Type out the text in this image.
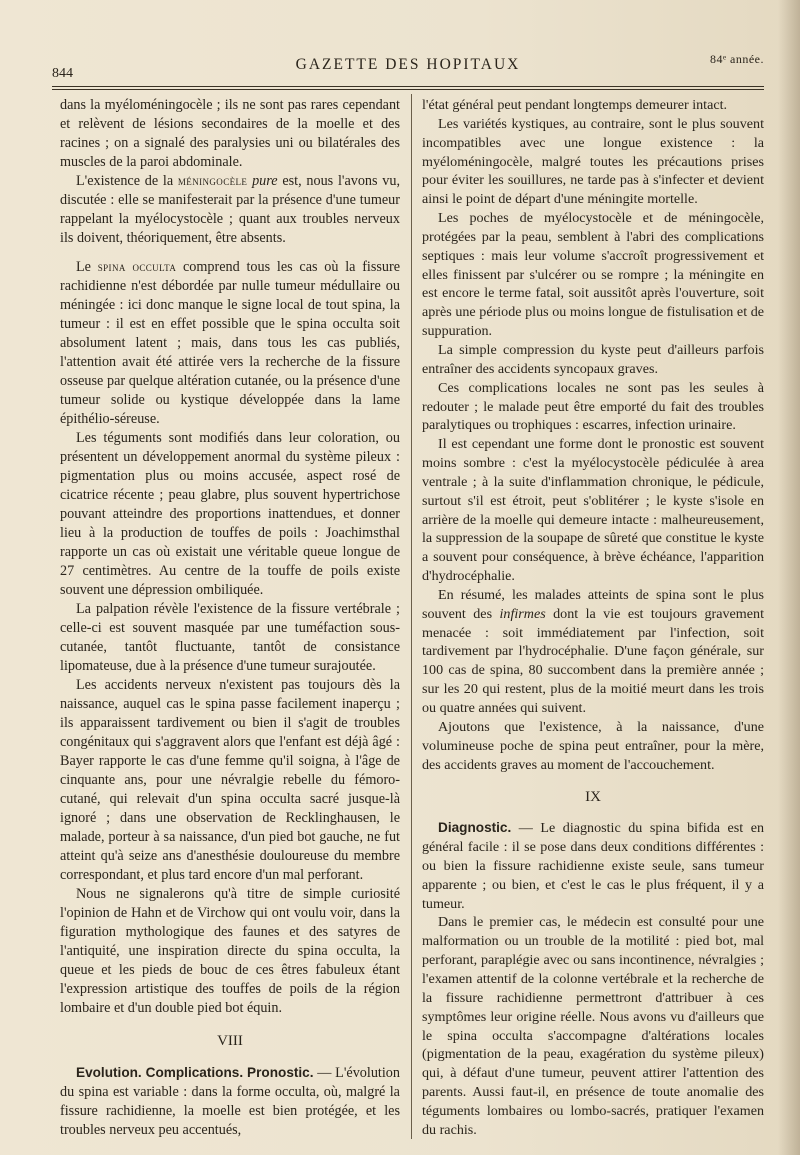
844
GAZETTE DES HOPITAUX	84ᵉ année.

dans la myéloméningocèle ; ils ne sont pas rares cependant et relèvent de lésions secondaires de la moelle et des racines ; on a signalé des paralysies uni ou bilatérales des muscles de la paroi abdominale.

L'existence de la méningocèle pure est, nous l'avons vu, discutée : elle se manifesterait par la présence d'une tumeur rappelant la myélocystocèle ; quant aux troubles nerveux ils doivent, théoriquement, être absents.

Le spina occulta comprend tous les cas où la fissure rachidienne n'est débordée par nulle tumeur médullaire ou méningée : ici donc manque le signe local de tout spina, la tumeur : il est en effet possible que le spina occulta soit absolument latent ; mais, dans tous les cas publiés, l'attention avait été attirée vers la recherche de la fissure osseuse par quelque altération cutanée, ou la présence d'une tumeur solide ou kystique développée dans la lame épithélio-séreuse.

Les téguments sont modifiés dans leur coloration, ou présentent un développement anormal du système pileux : pigmentation plus ou moins accusée, aspect rosé de cicatrice récente ; peau glabre, plus souvent hypertrichose pouvant atteindre des proportions inattendues, et donner lieu à la production de touffes de poils : Joachimsthal rapporte un cas où existait une véritable queue longue de 27 centimètres. Au centre de la touffe de poils existe souvent une dépression ombiliquée.

La palpation révèle l'existence de la fissure vertébrale ; celle-ci est souvent masquée par une tuméfaction sous-cutanée, tantôt fluctuante, tantôt de consistance lipomateuse, due à la présence d'une tumeur surajoutée.

Les accidents nerveux n'existent pas toujours dès la naissance, auquel cas le spina passe facilement inaperçu ; ils apparaissent tardivement ou bien il s'agit de troubles congénitaux qui s'aggravent alors que l'enfant est déjà âgé : Bayer rapporte le cas d'une femme qu'il soigna, à l'âge de cinquante ans, pour une névralgie rebelle du fémoro-cutané, qui relevait d'un spina occulta sacré jusque-là ignoré ; dans une observation de Recklinghausen, le malade, porteur à sa naissance, d'un pied bot gauche, ne fut atteint qu'à seize ans d'anesthésie douloureuse du membre correspondant, et plus tard encore d'un mal perforant.

Nous ne signalerons qu'à titre de simple curiosité l'opinion de Hahn et de Virchow qui ont voulu voir, dans la figuration mythologique des faunes et des satyres de l'antiquité, une inspiration directe du spina occulta, la queue et les pieds de bouc de ces êtres fabuleux étant l'expression artistique des touffes de poils de la région lombaire et d'un double pied bot équin.

VIII

Evolution. Complications. Pronostic. — L'évolution du spina est variable : dans la forme occulta, où, malgré la fissure rachidienne, la moelle est bien protégée, et les troubles nerveux peu accentués,

l'état général peut pendant longtemps demeurer intact.

Les variétés kystiques, au contraire, sont le plus souvent incompatibles avec une longue existence : la myéloméningocèle, malgré toutes les précautions prises pour éviter les souillures, ne tarde pas à s'infecter et devient ainsi le point de départ d'une méningite mortelle.

Les poches de myélocystocèle et de méningocèle, protégées par la peau, semblent à l'abri des complications septiques : mais leur volume s'accroît progressivement et elles finissent par s'ulcérer ou se rompre ; la méningite en est encore le terme fatal, soit aussitôt après l'ouverture, soit après une période plus ou moins longue de fistulisation et de suppuration.

La simple compression du kyste peut d'ailleurs parfois entraîner des accidents syncopaux graves.

Ces complications locales ne sont pas les seules à redouter ; le malade peut être emporté du fait des troubles paralytiques ou trophiques : escarres, infection urinaire.

Il est cependant une forme dont le pronostic est souvent moins sombre : c'est la myélocystocèle pédiculée à area ventrale ; à la suite d'inflammation chronique, le pédicule, surtout s'il est étroit, peut s'oblitérer ; le kyste s'isole en arrière de la moelle qui demeure intacte : malheureusement, la suppression de la soupape de sûreté que constitue le kyste a souvent pour conséquence, à brève échéance, l'apparition d'hydrocéphalie.

En résumé, les malades atteints de spina sont le plus souvent des infirmes dont la vie est toujours gravement menacée : soit immédiatement par l'infection, soit tardivement par l'hydrocéphalie. D'une façon générale, sur 100 cas de spina, 80 succombent dans la première année ; sur les 20 qui restent, plus de la moitié meurt dans les trois ou quatre années qui suivent.

Ajoutons que l'existence, à la naissance, d'une volumineuse poche de spina peut entraîner, pour la mère, des accidents graves au moment de l'accouchement.

IX

Diagnostic. — Le diagnostic du spina bifida est en général facile : il se pose dans deux conditions différentes : ou bien la fissure rachidienne existe seule, sans tumeur apparente ; ou bien, et c'est le cas le plus fréquent, il y a tumeur.

Dans le premier cas, le médecin est consulté pour une malformation ou un trouble de la motilité : pied bot, mal perforant, paraplégie avec ou sans incontinence, névralgies ; l'examen attentif de la colonne vertébrale et la recherche de la fissure rachidienne permettront d'attribuer à ces symptômes leur origine réelle. Nous avons vu d'ailleurs que le spina occulta s'accompagne d'altérations locales (pigmentation de la peau, exagération du système pileux) qui, à défaut d'une tumeur, peuvent attirer l'attention des parents. Aussi faut-il, en présence de toute anomalie des téguments lombaires ou lombo-sacrés, pratiquer l'examen du rachis.
